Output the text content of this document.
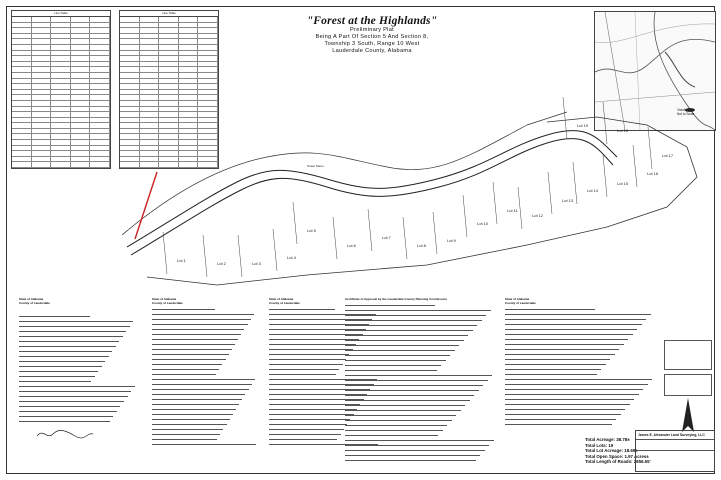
Line Table	Line Table
"Forest at the Highlands"
Preliminary Plat
Being A Part Of Section 5 And Section 8,
Township 3 South, Range 10 West
Lauderdale County, Alabama
Vicinity Map
Not to Scale
Lot 1
Lot 2	Lot 3
Lot 4
Lot 5
Lot 6
Lot 7
Lot 8
Lot 9
Lot 10
Lot 11
Lot 12
Lot 13
Lot 14
Lot 15
Lot 16
Lot 17
Lot 18
Lot 19
Street Name
State of Alabama
County of Lauderdale
State of Alabama
County of Lauderdale
State of Alabama
County of Lauderdale
Certificate of Approval by the Lauderdale County Planning Commission	State of Alabama
County of Lauderdale
Total Acreage: 38.78±
Total Lots: 19
Total Lot Acreage: 18.69±
Total Open Space: 1.97 Acres±
Total Length of Roads: 2856.55'
James E. Alexander Land Surveying, LLC
